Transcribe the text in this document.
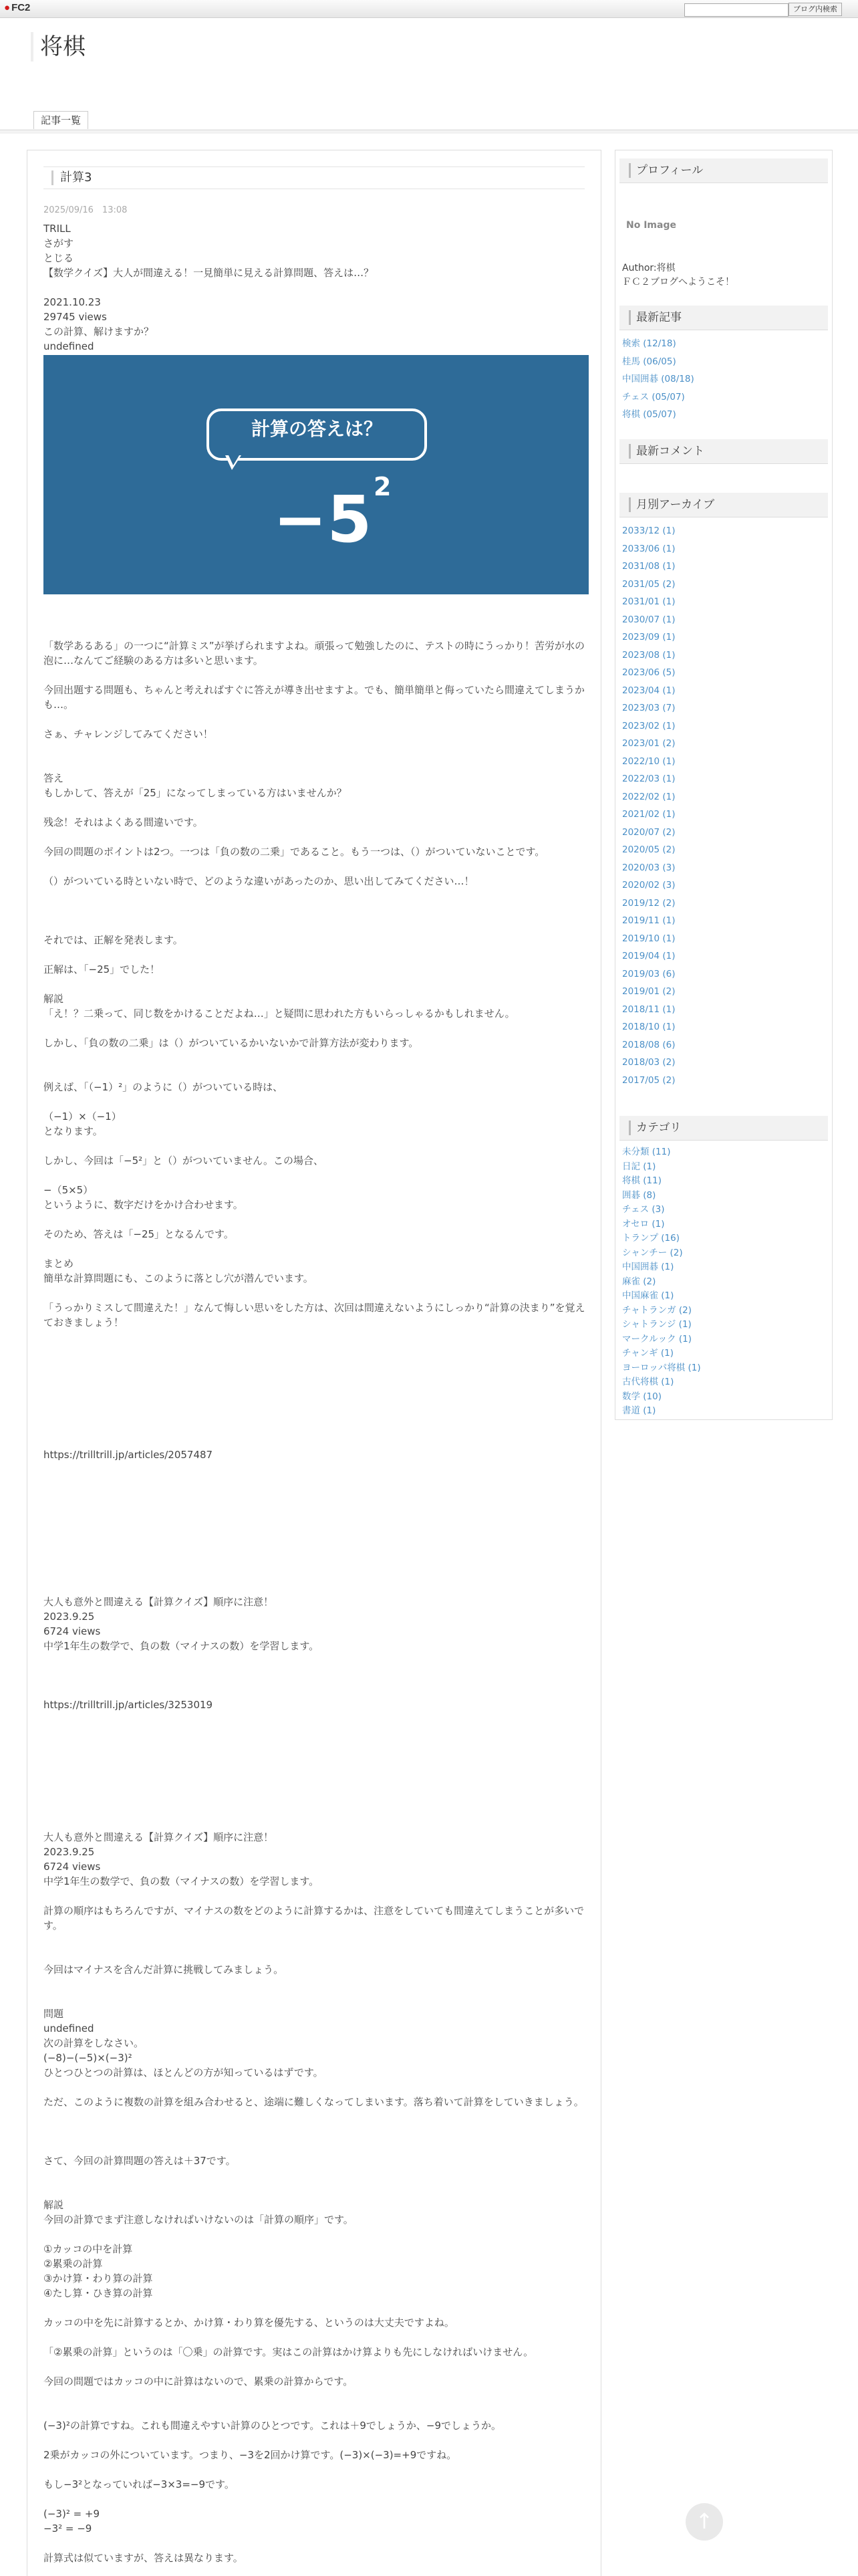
● FC2	ブログ内検索
将棋
記事一覧
計算3
2025/09/16　13:08
TRILL
さがす
とじる
【数学クイズ】大人が間違える！一見簡単に見える計算問題、答えは…？

2021.10.23
29745 views
この計算、解けますか？
undefined
計算の答えは？
−5 2

「数学あるある」の一つに“計算ミス”が挙げられますよね。頑張って勉強したのに、テストの時にうっかり！苦労が水の泡に…なんてご経験のある方は多いと思います。

今回出題する問題も、ちゃんと考えればすぐに答えが導き出せますよ。でも、簡単簡単と侮っていたら間違えてしまうかも…。

さぁ、チャレンジしてみてください！

答え
もしかして、答えが「25」になってしまっている方はいませんか？

残念！それはよくある間違いです。

今回の問題のポイントは2つ。一つは「負の数の二乗」であること。もう一つは、（）がついていないことです。

（）がついている時といない時で、どのような違いがあったのか、思い出してみてください…！

それでは、正解を発表します。

正解は、「−25」でした！

解説
「え！？二乗って、同じ数をかけることだよね…」と疑問に思われた方もいらっしゃるかもしれません。

しかし、「負の数の二乗」は（）がついているかいないかで計算方法が変わります。

例えば、「（−1）²」のように（）がついている時は、

（−1）×（−1）
となります。

しかし、今回は「−5²」と（）がついていません。この場合、

−（5×5）
というように、数字だけをかけ合わせます。

そのため、答えは「−25」となるんです。

まとめ
簡単な計算問題にも、このように落とし穴が潜んでいます。

「うっかりミスして間違えた！」なんて悔しい思いをした方は、次回は間違えないようにしっかり“計算の決まり”を覚えておきましょう！

https://trilltrill.jp/articles/2057487

大人も意外と間違える【計算クイズ】順序に注意！
2023.9.25
6724 views
中学1年生の数学で、負の数（マイナスの数）を学習します。

https://trilltrill.jp/articles/3253019

大人も意外と間違える【計算クイズ】順序に注意！
2023.9.25
6724 views
中学1年生の数学で、負の数（マイナスの数）を学習します。

計算の順序はもちろんですが、マイナスの数をどのように計算するかは、注意をしていても間違えてしまうことが多いです。

今回はマイナスを含んだ計算に挑戦してみましょう。

問題
undefined
次の計算をしなさい。
(−8)−(−5)×(−3)²
ひとつひとつの計算は、ほとんどの方が知っているはずです。

ただ、このように複数の計算を組み合わせると、途端に難しくなってしまいます。落ち着いて計算をしていきましょう。

さて、今回の計算問題の答えは＋37です。

解説
今回の計算でまず注意しなければいけないのは「計算の順序」です。

①カッコの中を計算
②累乗の計算
③かけ算・わり算の計算
④たし算・ひき算の計算

カッコの中を先に計算するとか、かけ算・わり算を優先する、というのは大丈夫ですよね。

「②累乗の計算」というのは「〇乗」の計算です。実はこの計算はかけ算よりも先にしなければいけません。

今回の問題ではカッコの中に計算はないので、累乗の計算からです。

(−3)²の計算ですね。これも間違えやすい計算のひとつです。これは＋9でしょうか、−9でしょうか。

2乗がカッコの外についています。つまり、−3を2回かけ算です。(−3)×(−3)=+9ですね。

もし−3²となっていれば−3×3=−9です。

(−3)² = +9
−3² = −9

計算式は似ていますが、答えは異なります。
プロフィール
No Image
Author:将棋
ＦＣ２ブログへようこそ！
最新記事
検索 (12/18)
桂馬 (06/05)
中国囲碁 (08/18)
チェス (05/07)
将棋 (05/07)
最新コメント
月別アーカイブ
2033/12 (1)
2033/06 (1)
2031/08 (1)
2031/05 (2)
2031/01 (1)
2030/07 (1)
2023/09 (1)
2023/08 (1)
2023/06 (5)
2023/04 (1)
2023/03 (7)
2023/02 (1)
2023/01 (2)
2022/10 (1)
2022/03 (1)
2022/02 (1)
2021/02 (1)
2020/07 (2)
2020/05 (2)
2020/03 (3)
2020/02 (3)
2019/12 (2)
2019/11 (1)
2019/10 (1)
2019/04 (1)
2019/03 (6)
2019/01 (2)
2018/11 (1)
2018/10 (1)
2018/08 (6)
2018/03 (2)
2017/05 (2)
カテゴリ
未分類 (11)
日記 (1)
将棋 (11)
囲碁 (8)
チェス (3)
オセロ (1)
トランプ (16)
シャンチー (2)
中国囲碁 (1)
麻雀 (2)
中国麻雀 (1)
チャトランガ (2)
シャトランジ (1)
マークルック (1)
チャンギ (1)
ヨーロッパ将棋 (1)
古代将棋 (1)
数学 (10)
書道 (1)
↑
